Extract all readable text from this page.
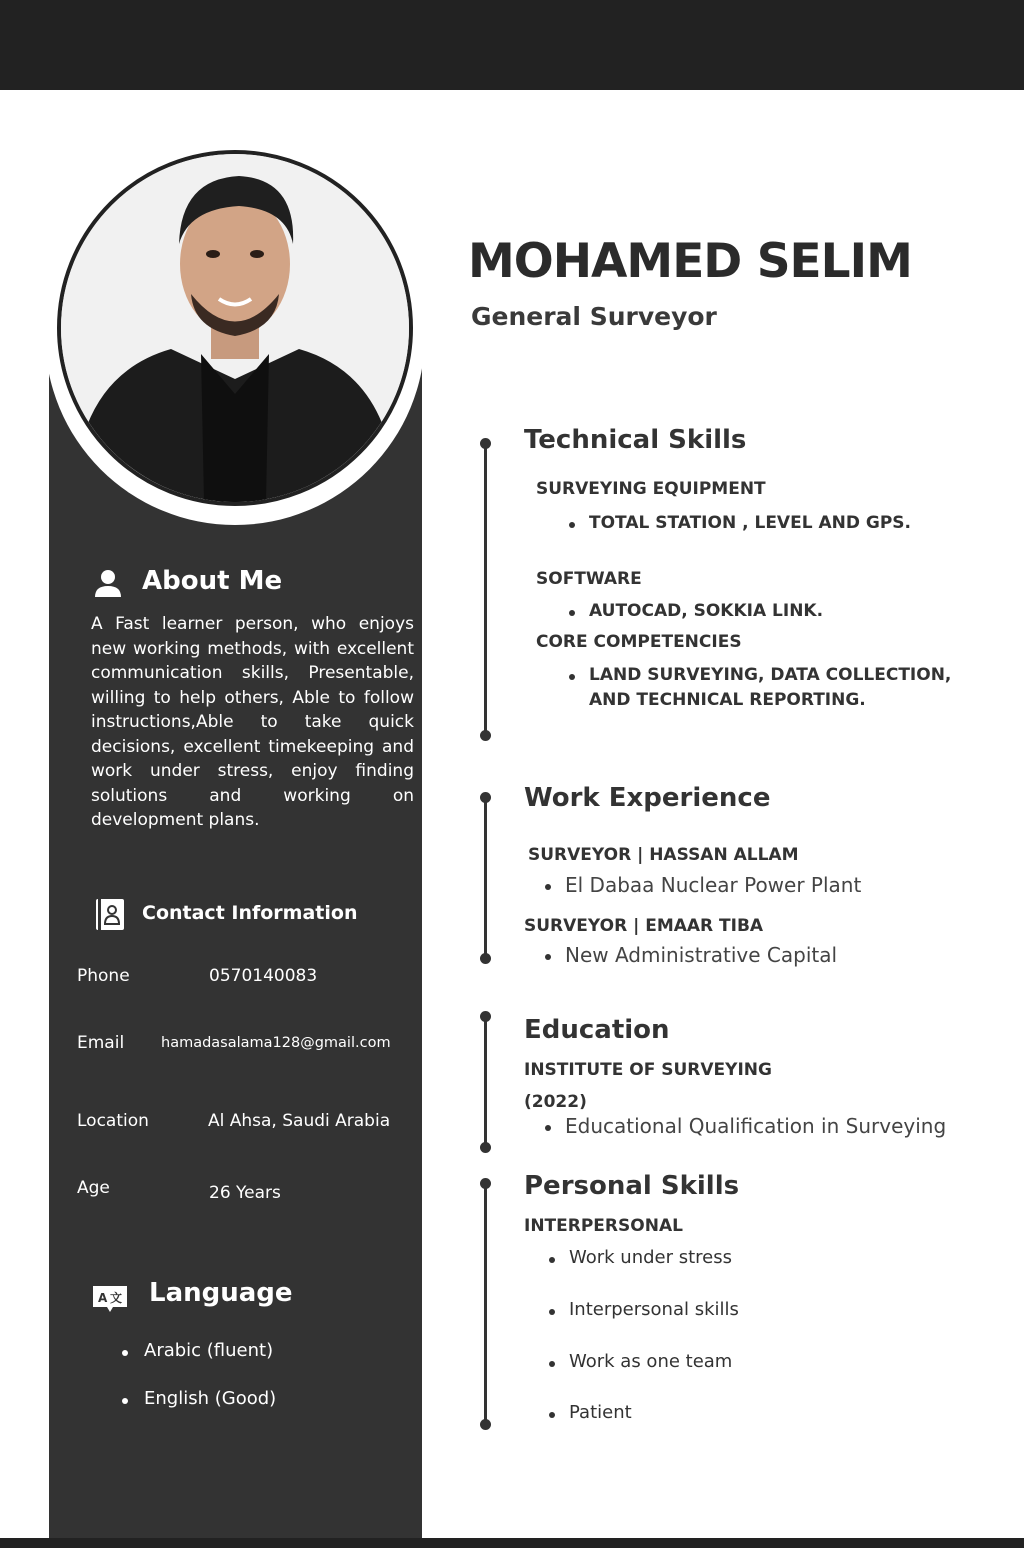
About Me
A Fast learner person, who enjoys new working methods, with excellent communication skills, Presentable, willing to help others, Able to follow instructions,Able to take quick decisions, excellent timekeeping and work under stress, enjoy finding solutions and working on development plans.
Contact Information
Phone	0570140083
Email	hamadasalama128@gmail.com
Location	Al Ahsa, Saudi Arabia
Age	26 Years
A 文 Language
Arabic (fluent)
English (Good)
MOHAMED SELIM
General Surveyor
Technical Skills
SURVEYING EQUIPMENT
TOTAL STATION , LEVEL AND GPS.
SOFTWARE
AUTOCAD, SOKKIA LINK.
CORE COMPETENCIES
LAND SURVEYING, DATA COLLECTION,
AND TECHNICAL REPORTING.
Work Experience
SURVEYOR | HASSAN ALLAM
El Dabaa Nuclear Power Plant
SURVEYOR | EMAAR TIBA
New Administrative Capital
Education
INSTITUTE OF SURVEYING
(2022)
Educational Qualification in Surveying
Personal Skills
INTERPERSONAL
Work under stress
Interpersonal skills
Work as one team
Patient
